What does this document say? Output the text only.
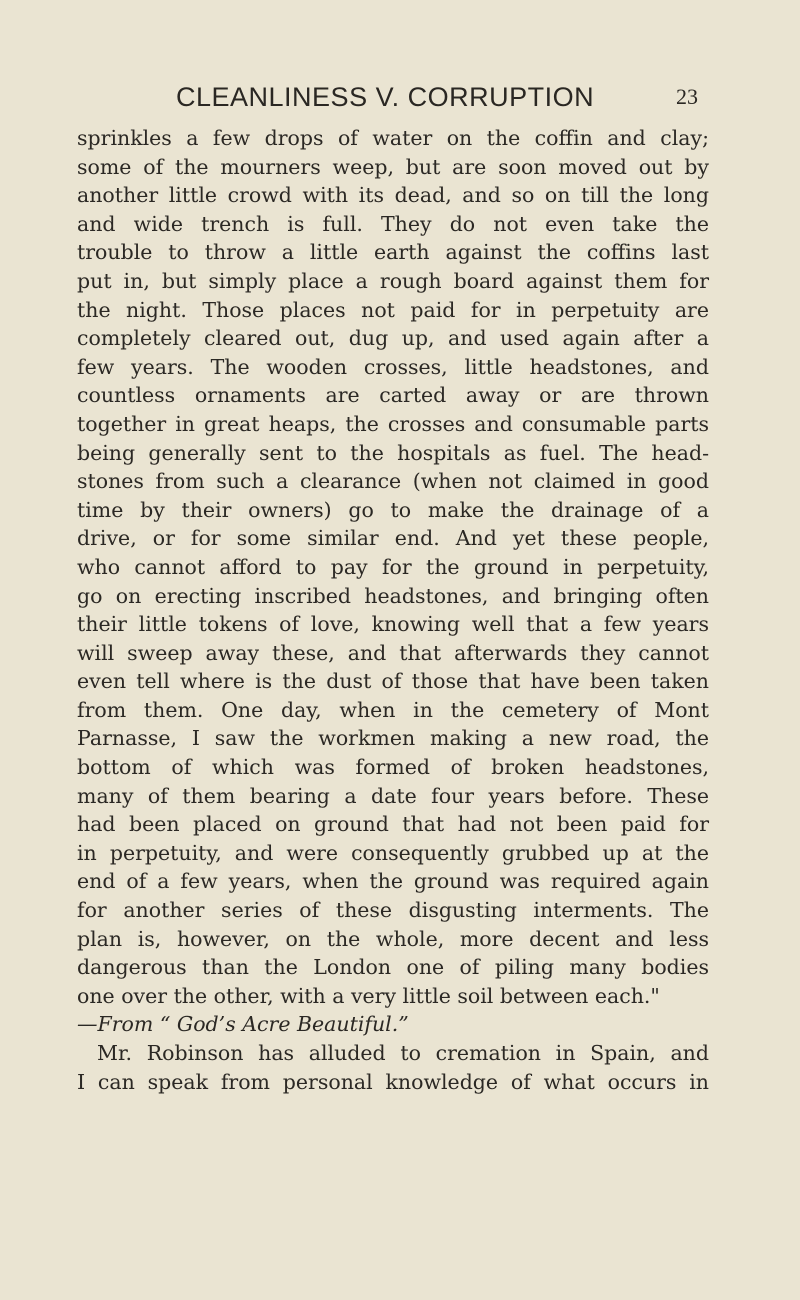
CLEANLINESS V. CORRUPTION	23
sprinkles a few drops of water on the coffin and clay;
some of the mourners weep, but are soon moved out by
another little crowd with its dead, and so on till the long
and wide trench is full. They do not even take the
trouble to throw a little earth against the coffins last
put in, but simply place a rough board against them for
the night. Those places not paid for in perpetuity are
completely cleared out, dug up, and used again after a
few years. The wooden crosses, little headstones, and
countless ornaments are carted away or are thrown
together in great heaps, the crosses and consumable parts
being generally sent to the hospitals as fuel. The head-
stones from such a clearance (when not claimed in good
time by their owners) go to make the drainage of a
drive, or for some similar end. And yet these people,
who cannot afford to pay for the ground in perpetuity,
go on erecting inscribed headstones, and bringing often
their little tokens of love, knowing well that a few years
will sweep away these, and that afterwards they cannot
even tell where is the dust of those that have been taken
from them. One day, when in the cemetery of Mont
Parnasse, I saw the workmen making a new road, the
bottom of which was formed of broken headstones,
many of them bearing a date four years before. These
had been placed on ground that had not been paid for
in perpetuity, and were consequently grubbed up at the
end of a few years, when the ground was required again
for another series of these disgusting interments. The
plan is, however, on the whole, more decent and less
dangerous than the London one of piling many bodies
one over the other, with a very little soil between each."
—From “ God’s Acre Beautiful.”
Mr. Robinson has alluded to cremation in Spain, and
I can speak from personal knowledge of what occurs in
